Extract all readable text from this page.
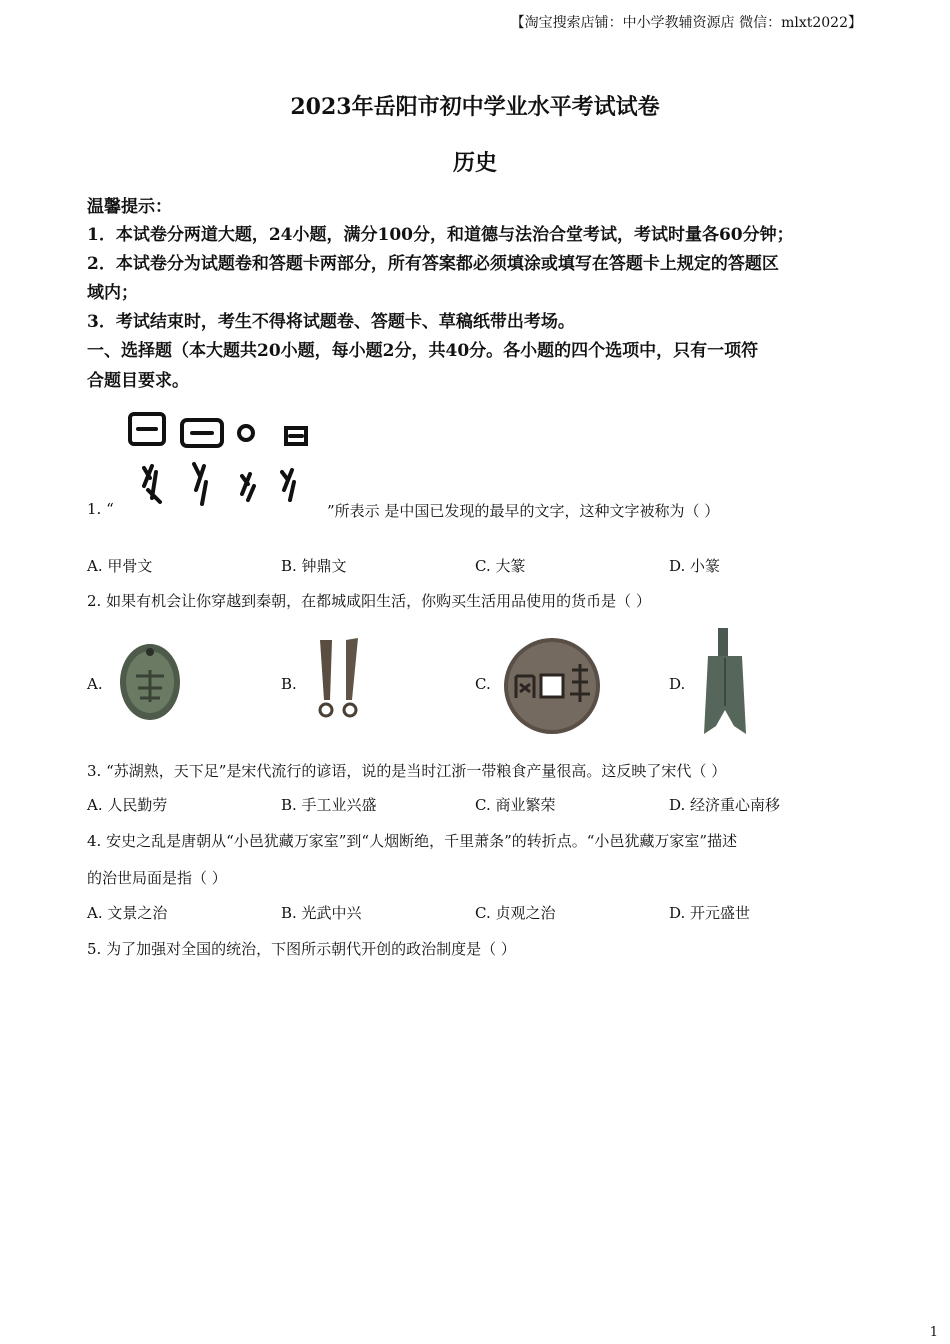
【淘宝搜索店铺：中小学教辅资源店 微信：mlxt2022】
2023年岳阳市初中学业水平考试试卷
历史
温馨提示：
1．本试卷分两道大题，24小题，满分100分，和道德与法治合堂考试，考试时量各60分钟；
2．本试卷分为试题卷和答题卡两部分，所有答案都必须填涂或填写在答题卡上规定的答题区
域内；
3．考试结束时，考生不得将试题卷、答题卡、草稿纸带出考场。
一、选择题（本大题共20小题，每小题2分，共40分。各小题的四个选项中，只有一项符
合题目要求。
1. “	”所表示 是中国已发现的最早的文字，这种文字被称为（ ）
A. 甲骨文	B. 钟鼎文	C. 大篆	D. 小篆
2. 如果有机会让你穿越到秦朝，在都城咸阳生活，你购买生活用品使用的货币是（ ）
A.	B.	C.	D.
3. “苏湖熟，天下足”是宋代流行的谚语，说的是当时江浙一带粮食产量很高。这反映了宋代（ ）
A. 人民勤劳	B. 手工业兴盛	C. 商业繁荣	D. 经济重心南移
4. 安史之乱是唐朝从“小邑犹藏万家室”到“人烟断绝，千里萧条”的转折点。“小邑犹藏万家室”描述
的治世局面是指（ ）
A. 文景之治	B. 光武中兴	C. 贞观之治	D. 开元盛世
5. 为了加强对全国的统治，下图所示朝代开创的政治制度是（ ）
1
